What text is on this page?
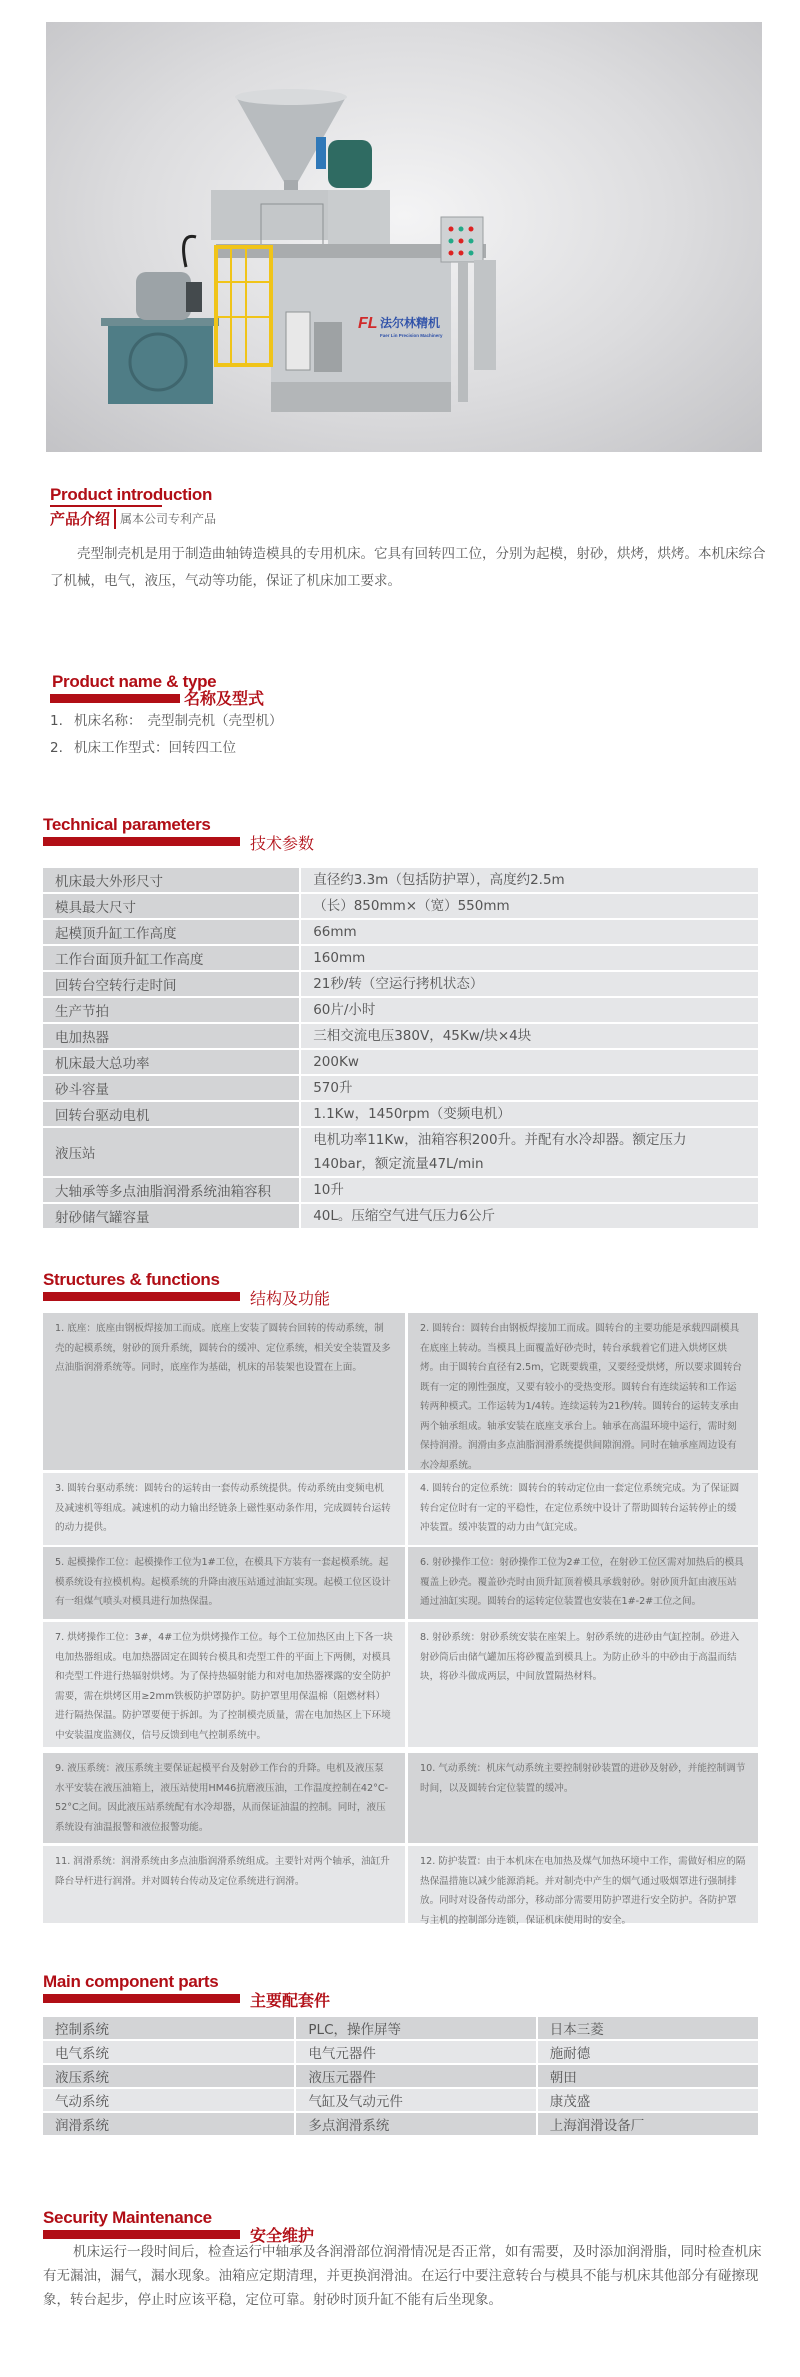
FL 法尔林精机
Faer Lin Precision Machinery
Product introduction
产品介绍 属本公司专利产品

壳型制壳机是用于制造曲轴铸造模具的专用机床。它具有回转四工位，分别为起模，射砂，烘烤，烘烤。本机床综合了机械，电气，液压，气动等功能，保证了机床加工要求。

Product name & type
名称及型式
1. 机床名称： 壳型制壳机（壳型机）
2. 机床工作型式： 回转四工位
Technical parameters
技术参数
机床最大外形尺寸	直径约3.3m（包括防护罩），高度约2.5m
模具最大尺寸	（长）850mm×（宽）550mm
起模顶升缸工作高度	66mm
工作台面顶升缸工作高度	160mm
回转台空转行走时间	21秒/转（空运行拷机状态）
生产节拍	60片/小时
电加热器	三相交流电压380V，45Kw/块×4块
机床最大总功率	200Kw
砂斗容量	570升
回转台驱动电机	1.1Kw，1450rpm（变频电机）
液压站	电机功率11Kw，油箱容积200升。并配有水冷却器。额定压力140bar，额定流量47L/min
大轴承等多点油脂润滑系统油箱容积	10升
射砂储气罐容量	40L。压缩空气进气压力6公斤
Structures & functions
结构及功能
1. 底座：底座由钢板焊接加工而成。底座上安装了圆转台回转的传动系统，制壳的起模系统，射砂的顶升系统，圆转台的缓冲、定位系统，相关安全装置及多点油脂润滑系统等。同时，底座作为基础，机床的吊装架也设置在上面。
2. 圆转台：圆转台由钢板焊接加工而成。圆转台的主要功能是承载四副模具在底座上转动。当模具上面覆盖好砂壳时，转台承载着它们进入烘烤区烘烤。由于圆转台直径有2.5m，它既要载重，又要经受烘烤，所以要求圆转台既有一定的刚性强度，又要有较小的受热变形。圆转台有连续运转和工作运转两种模式。工作运转为1/4转。连续运转为21秒/转。圆转台的运转支承由两个轴承组成。轴承安装在底座支承台上。轴承在高温环境中运行，需时刻保持润滑。润滑由多点油脂润滑系统提供间隙润滑。同时在轴承座周边设有水冷却系统。
3. 圆转台驱动系统：圆转台的运转由一套传动系统提供。传动系统由变频电机及减速机等组成。减速机的动力输出经链条上磁性驱动条作用，完成圆转台运转的动力提供。
4. 圆转台的定位系统：圆转台的转动定位由一套定位系统完成。为了保证圆转台定位时有一定的平稳性，在定位系统中设计了帮助圆转台运转停止的缓冲装置。缓冲装置的动力由气缸完成。
5. 起模操作工位：起模操作工位为1#工位，在模具下方装有一套起模系统。起模系统设有拉模机构。起模系统的升降由液压站通过油缸实现。起模工位区设计有一组煤气喷头对模具进行加热保温。
6. 射砂操作工位：射砂操作工位为2#工位，在射砂工位区需对加热后的模具覆盖上砂壳。覆盖砂壳时由顶升缸顶着模具承载射砂。射砂顶升缸由液压站通过油缸实现。圆转台的运转定位装置也安装在1#-2#工位之间。
7. 烘烤操作工位：3#，4#工位为烘烤操作工位。每个工位加热区由上下各一块电加热器组成。电加热器固定在圆转台模具和壳型工件的平面上下两侧，对模具和壳型工件进行热辐射烘烤。为了保持热辐射能力和对电加热器裸露的安全防护需要，需在烘烤区用≥2mm铁板防护罩防护。防护罩里用保温棉（阻燃材料）进行隔热保温。防护罩要便于拆卸。为了控制模壳质量，需在电加热区上下环境中安装温度监测仪，信号反馈到电气控制系统中。
8. 射砂系统：射砂系统安装在座架上。射砂系统的进砂由气缸控制。砂进入射砂筒后由储气罐加压将砂覆盖到模具上。为防止砂斗的中砂由于高温而结块，将砂斗做成两层，中间放置隔热材料。
9. 液压系统：液压系统主要保证起模平台及射砂工作台的升降。电机及液压泵水平安装在液压油箱上，液压站使用HM46抗磨液压油，工作温度控制在42°C-52°C之间。因此液压站系统配有水冷却器，从而保证油温的控制。同时，液压系统设有油温报警和液位报警功能。
10. 气动系统：机床气动系统主要控制射砂装置的进砂及射砂，并能控制调节时间，以及圆转台定位装置的缓冲。
11. 润滑系统：润滑系统由多点油脂润滑系统组成。主要针对两个轴承，油缸升降台导杆进行润滑。并对圆转台传动及定位系统进行润滑。
12. 防护装置：由于本机床在电加热及煤气加热环境中工作，需做好相应的隔热保温措施以减少能源消耗。并对制壳中产生的烟气通过吸烟罩进行强制排放。同时对设备传动部分，移动部分需要用防护罩进行安全防护。各防护罩与主机的控制部分连锁，保证机床使用时的安全。
Main component parts
主要配套件
控制系统	PLC，操作屏等	日本三菱
电气系统	电气元器件	施耐德
液压系统	液压元器件	朝田
气动系统	气缸及气动元件	康茂盛
润滑系统	多点润滑系统	上海润滑设备厂
Security Maintenance
安全维护

机床运行一段时间后，检查运行中轴承及各润滑部位润滑情况是否正常，如有需要，及时添加润滑脂，同时检查机床有无漏油，漏气，漏水现象。油箱应定期清理，并更换润滑油。在运行中要注意转台与模具不能与机床其他部分有碰擦现象，转台起步，停止时应该平稳，定位可靠。射砂时顶升缸不能有后坐现象。
